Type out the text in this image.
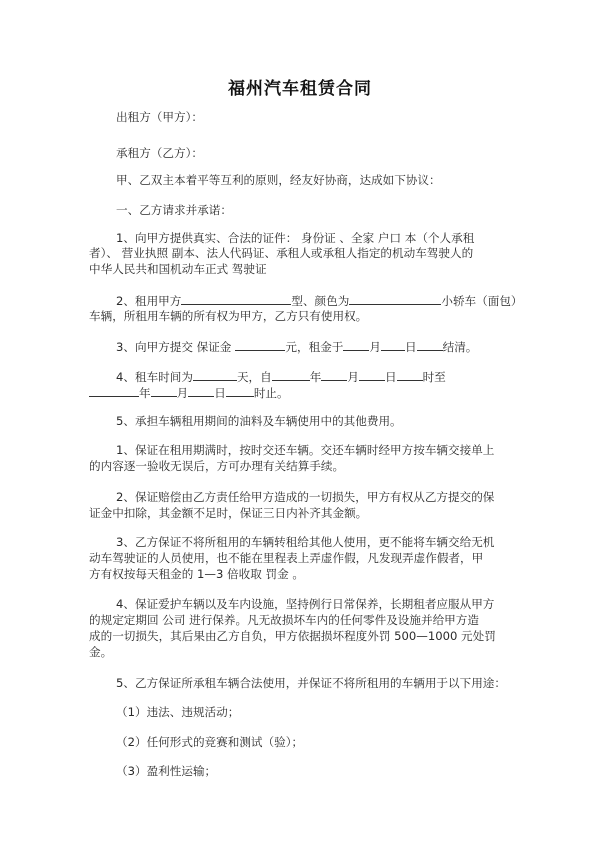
福州汽车租赁合同
出租方（甲方）：
承租方（乙方）：
甲、乙双主本着平等互利的原则，经友好协商，达成如下协议：
一、乙方请求并承诺：
1、向甲方提供真实、合法的证件： 身份证 、全家 户口 本（个人承租
者）、 营业执照 副本、法人代码证、承租人或承租人指定的机动车驾驶人的
中华人民共和国机动车正式 驾驶证
2、租用甲方	型、颜色为	小轿车（面包）
车辆，所租用车辆的所有权为甲方，乙方只有使用权。
3、向甲方提交 保证金	元，租金于 月 日 结清。
4、租车时间为	天，自	年 月 日 时至
年 月 日 时止。
5、承担车辆租用期间的油料及车辆使用中的其他费用。
1、保证在租用期满时，按时交还车辆。交还车辆时经甲方按车辆交接单上
的内容逐一验收无误后，方可办理有关结算手续。
2、保证赔偿由乙方责任给甲方造成的一切损失，甲方有权从乙方提交的保
证金中扣除，其金额不足时，保证三日内补齐其金额。
3、乙方保证不将所租用的车辆转租给其他人使用，更不能将车辆交给无机
动车驾驶证的人员使用，也不能在里程表上弄虚作假，凡发现弄虚作假者，甲
方有权按每天租金的 1—3 倍收取 罚金 。
4、保证爱护车辆以及车内设施，坚持例行日常保养，长期租者应服从甲方
的规定定期回 公司 进行保养。凡无故损坏车内的任何零件及设施并给甲方造
成的一切损失，其后果由乙方自负，甲方依据损坏程度外罚 500—1000 元处罚
金。
5、乙方保证所承租车辆合法使用，并保证不将所租用的车辆用于以下用途：
（1）违法、违规活动；
（2）任何形式的竞赛和测试（验）；
（3）盈利性运输；
